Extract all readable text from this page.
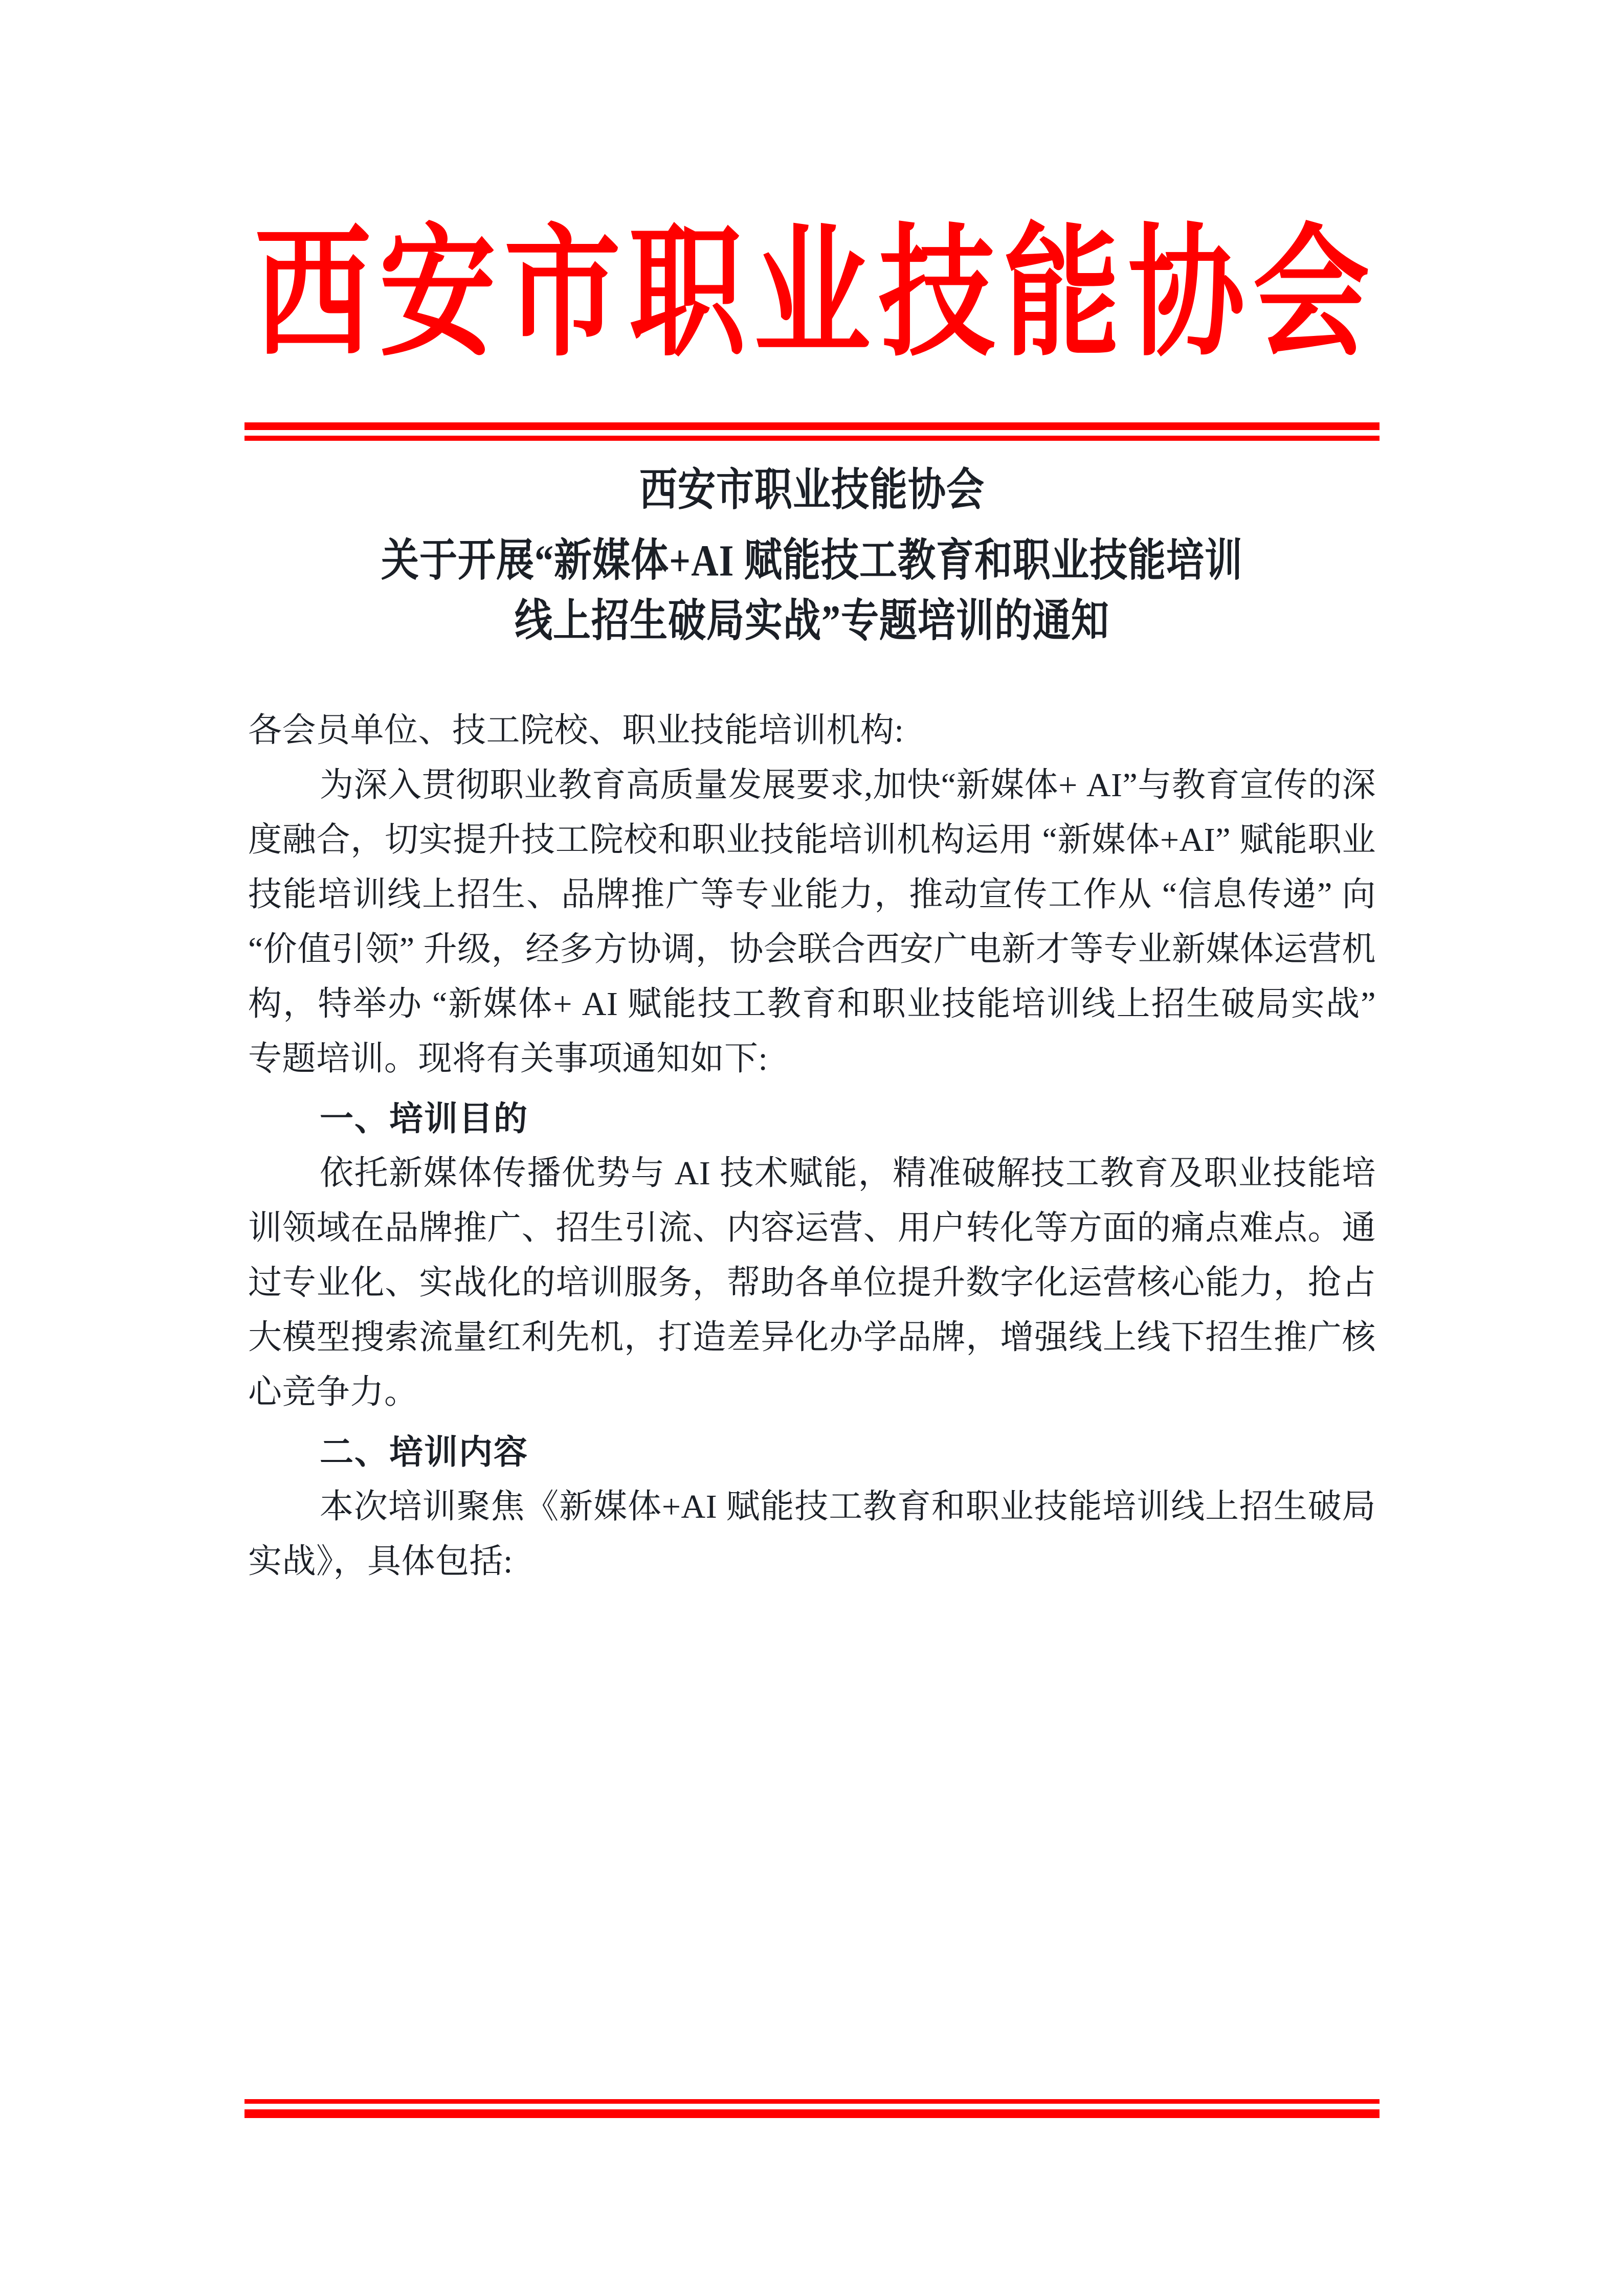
西安市职业技能协会
西安市职业技能协会
关于开展“新媒体+AI 赋能技工教育和职业技能培训
线上招生破局实战”专题培训的通知

各会员单位、技工院校、职业技能培训机构:

为深入贯彻职业教育高质量发展要求,加快“新媒体+ AI”与教育宣传的深度融合，切实提升技工院校和职业技能培训机构运用 “新媒体+AI” 赋能职业技能培训线上招生、品牌推广等专业能力，推动宣传工作从 “信息传递” 向 “价值引领” 升级，经多方协调，协会联合西安广电新才等专业新媒体运营机构，特举办 “新媒体+ AI 赋能技工教育和职业技能培训线上招生破局实战” 专题培训。现将有关事项通知如下:

一、培训目的

依托新媒体传播优势与 AI 技术赋能，精准破解技工教育及职业技能培训领域在品牌推广、招生引流、内容运营、用户转化等方面的痛点难点。通过专业化、实战化的培训服务，帮助各单位提升数字化运营核心能力，抢占大模型搜索流量红利先机，打造差异化办学品牌，增强线上线下招生推广核心竞争力。

二、培训内容

本次培训聚焦《新媒体+AI 赋能技工教育和职业技能培训线上招生破局实战》，具体包括:
